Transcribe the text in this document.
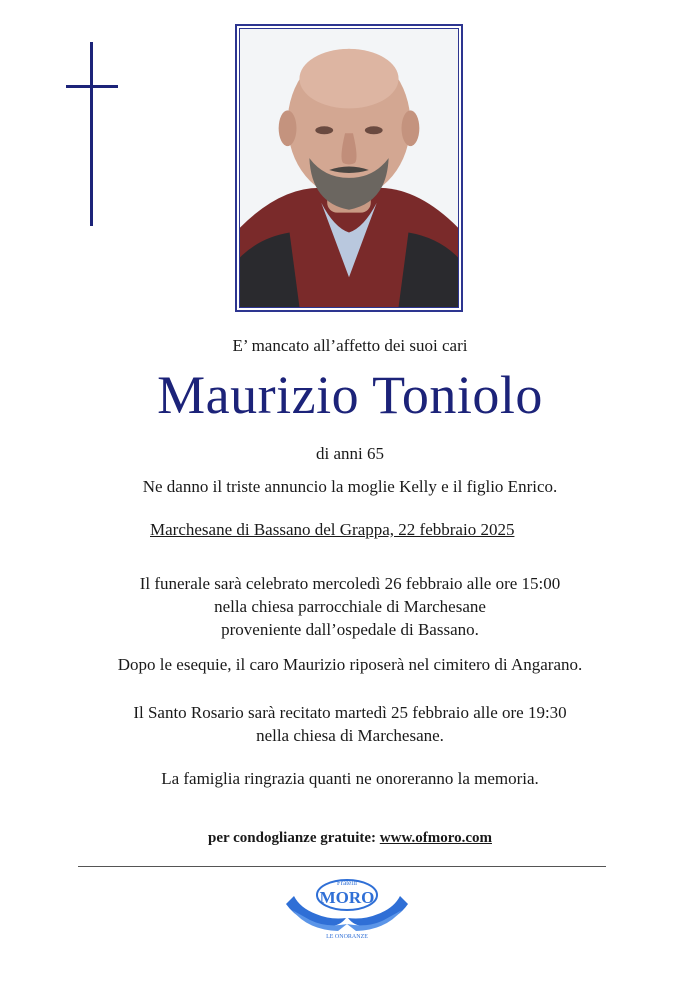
E’ mancato all’affetto dei suoi cari
Maurizio Toniolo
di anni 65
Ne danno il triste annuncio la moglie Kelly e il figlio Enrico.
Marchesane di Bassano del Grappa, 22 febbraio 2025
Il funerale sarà celebrato mercoledì 26 febbraio alle ore 15:00
nella chiesa parrocchiale di Marchesane
proveniente dall’ospedale di Bassano.
Dopo le esequie, il caro Maurizio riposerà nel cimitero di Angarano.
Il Santo Rosario sarà recitato martedì 25 febbraio alle ore 19:30
nella chiesa di Marchesane.
La famiglia ringrazia quanti ne onoreranno la memoria.
per condoglianze gratuite: www.ofmoro.com
Fratelli
MORO
LE ONORANZE
